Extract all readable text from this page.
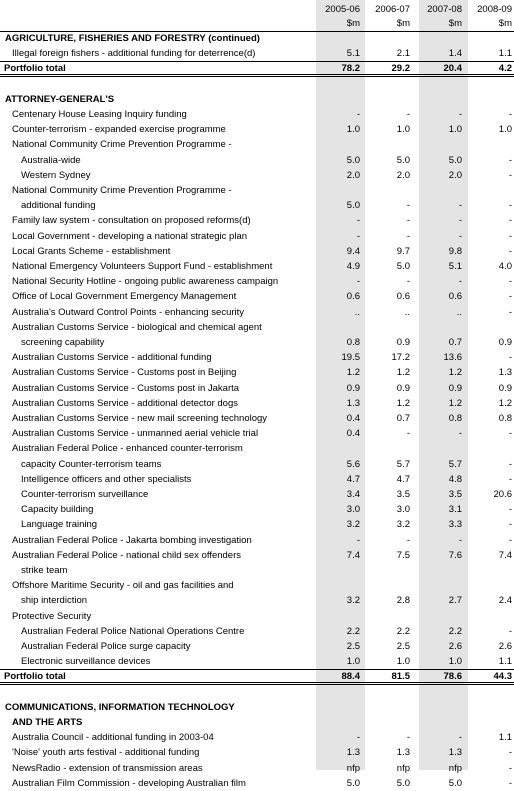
2005-06	2006-07	2007-08	2008-09
$m	$m	$m	$m
AGRICULTURE, FISHERIES AND FORESTRY (continued)
Illegal foreign fishers - additional funding for deterrence(d)	5.1	2.1	1.4	1.1
Portfolio total	78.2	29.2	20.4	4.2
ATTORNEY-GENERAL'S
Centenary House Leasing Inquiry funding	-	-	-	-
Counter-terrorism - expanded exercise programme	1.0	1.0	1.0	1.0
National Community Crime Prevention Programme -
Australia-wide	5.0	5.0	5.0	-
Western Sydney	2.0	2.0	2.0	-
National Community Crime Prevention Programme -
additional funding	5.0	-	-	-
Family law system - consultation on proposed reforms(d)	-	-	-	-
Local Government - developing a national strategic plan	-	-	-	-
Local Grants Scheme - establishment	9.4	9.7	9.8	-
National Emergency Volunteers Support Fund - establishment	4.9	5.0	5.1	4.0
National Security Hotline - ongoing public awareness campaign	-	-	-	-
Office of Local Government Emergency Management	0.6	0.6	0.6	-
Australia's Outward Control Points - enhancing security	..	..	..	-
Australian Customs Service - biological and chemical agent
screening capability	0.8	0.9	0.7	0.9
Australian Customs Service - additional funding	19.5	17.2	13.6	-
Australian Customs Service - Customs post in Beijing	1.2	1.2	1.2	1.3
Australian Customs Service - Customs post in Jakarta	0.9	0.9	0.9	0.9
Australian Customs Service - additional detector dogs	1.3	1.2	1.2	1.2
Australian Customs Service - new mail screening technology	0.4	0.7	0.8	0.8
Australian Customs Service - unmanned aerial vehicle trial	0.4	-	-	-
Australian Federal Police - enhanced counter-terrorism
capacity Counter-terrorism teams	5.6	5.7	5.7	-
Intelligence officers and other specialists	4.7	4.7	4.8	-
Counter-terrorism surveillance	3.4	3.5	3.5	20.6
Capacity building	3.0	3.0	3.1	-
Language training	3.2	3.2	3.3	-
Australian Federal Police - Jakarta bombing investigation	-	-	-	-
Australian Federal Police - national child sex offenders	7.4	7.5	7.6	7.4
strike team
Offshore Maritime Security - oil and gas facilities and
ship interdiction	3.2	2.8	2.7	2.4
Protective Security
Australian Federal Police National Operations Centre	2.2	2.2	2.2	-
Australian Federal Police surge capacity	2.5	2.5	2.6	2.6
Electronic surveillance devices	1.0	1.0	1.0	1.1
Portfolio total	88.4	81.5	78.6	44.3
COMMUNICATIONS, INFORMATION TECHNOLOGY
AND THE ARTS
Australia Council - additional funding in 2003-04	-	-	-	1.1
'Noise' youth arts festival - additional funding	1.3	1.3	1.3	-
NewsRadio - extension of transmission areas	nfp	nfp	nfp	-
Australian Film Commission - developing Australian film	5.0	5.0	5.0	-
